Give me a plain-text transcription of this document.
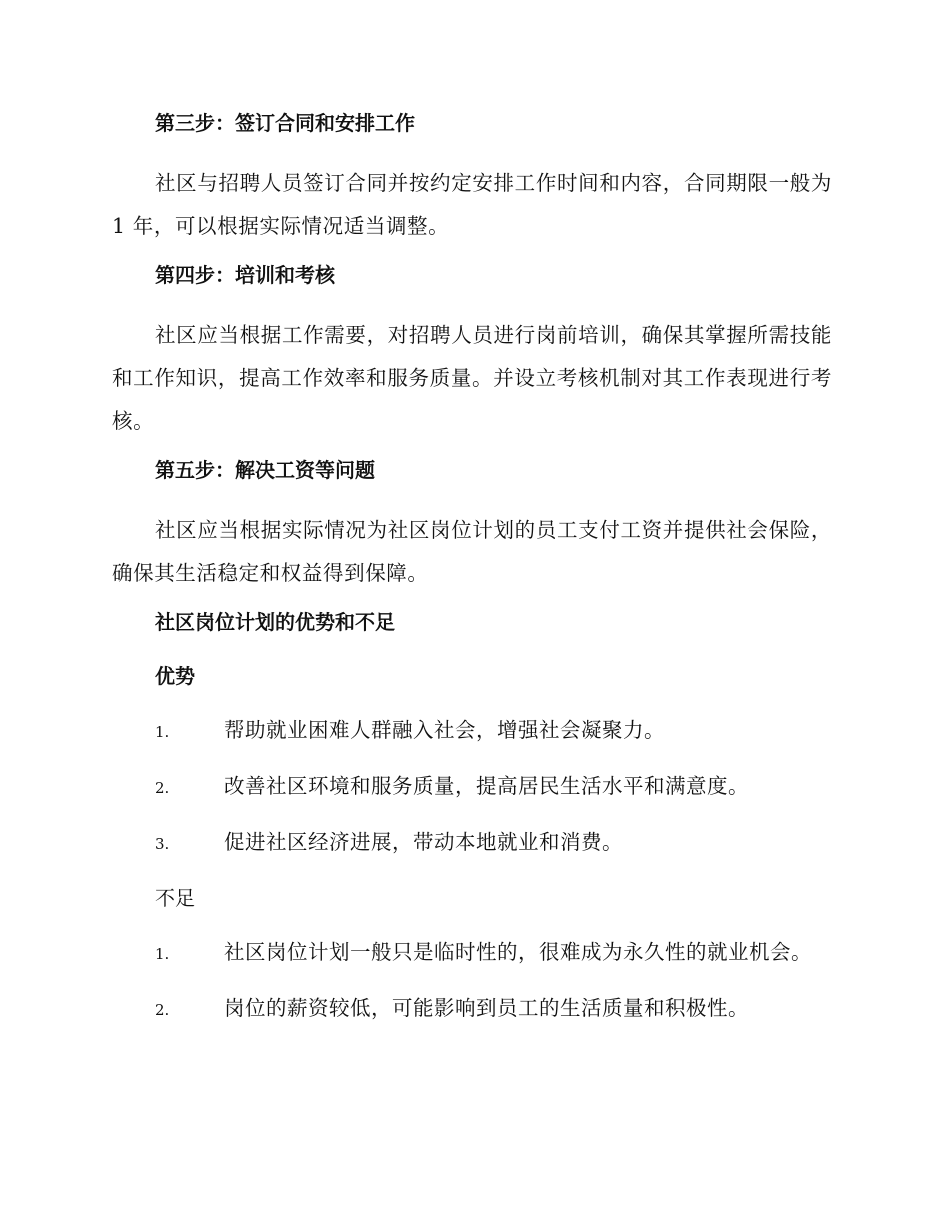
第三步：签订合同和安排工作

社区与招聘人员签订合同并按约定安排工作时间和内容，合同期限一般为 1 年，可以根据实际情况适当调整。

第四步：培训和考核

社区应当根据工作需要，对招聘人员进行岗前培训，确保其掌握所需技能和工作知识，提高工作效率和服务质量。并设立考核机制对其工作表现进行考核。

第五步：解决工资等问题

社区应当根据实际情况为社区岗位计划的员工支付工资并提供社会保险，确保其生活稳定和权益得到保障。

社区岗位计划的优势和不足
优势
1.	帮助就业困难人群融入社会，增强社会凝聚力。
2.	改善社区环境和服务质量，提高居民生活水平和满意度。
3.	促进社区经济进展，带动本地就业和消费。
不足
1.	社区岗位计划一般只是临时性的，很难成为永久性的就业机会。
2.	岗位的薪资较低，可能影响到员工的生活质量和积极性。
